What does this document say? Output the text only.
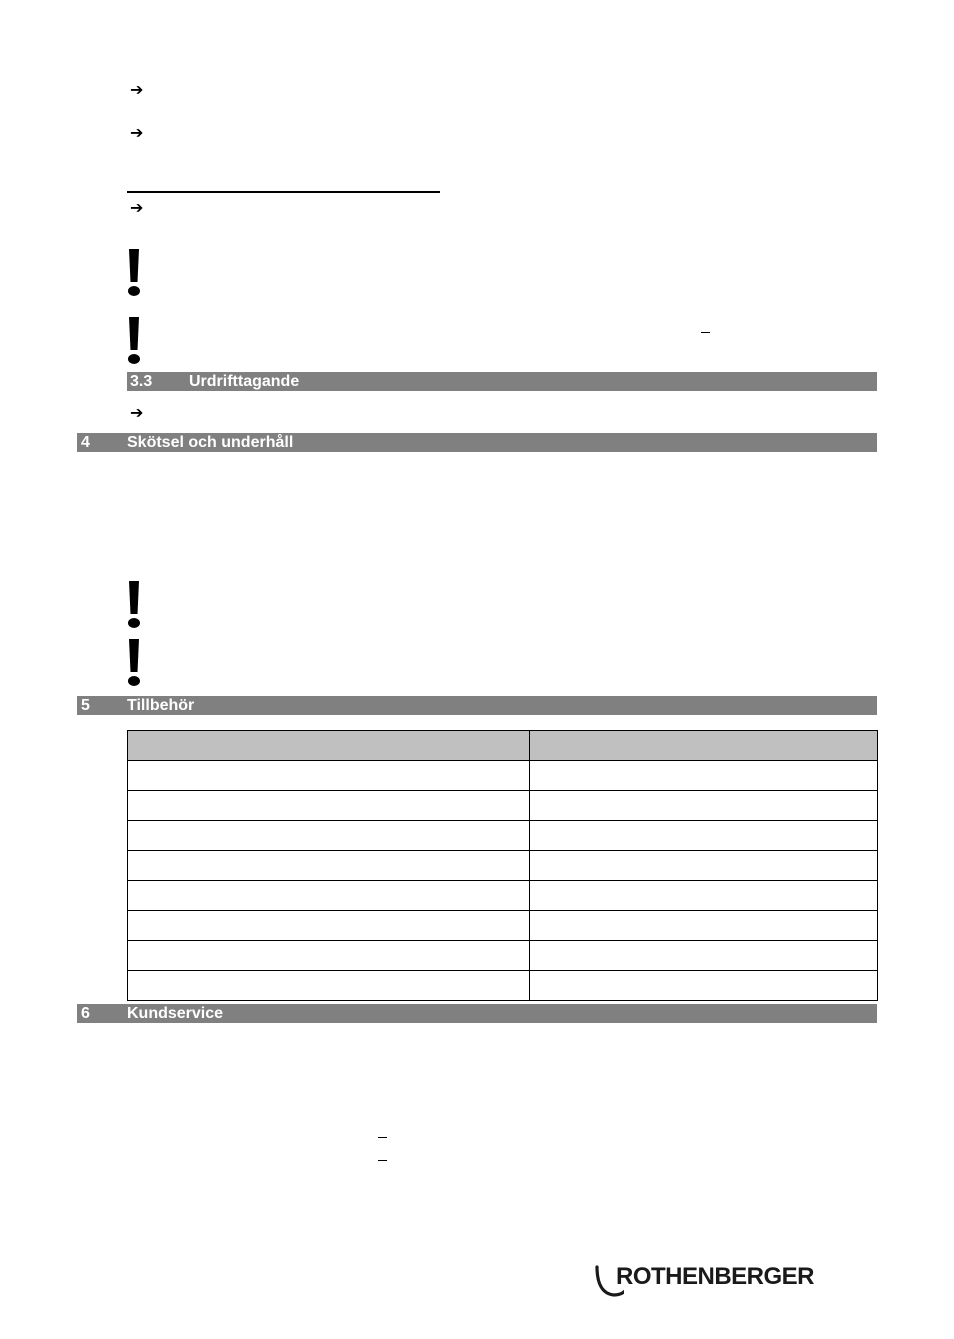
➔
➔
➔
3.3 Urdrifttagande
➔
4 Skötsel och underhåll
5 Tillbehör

6 Kundservice
ROTHENBERGER
